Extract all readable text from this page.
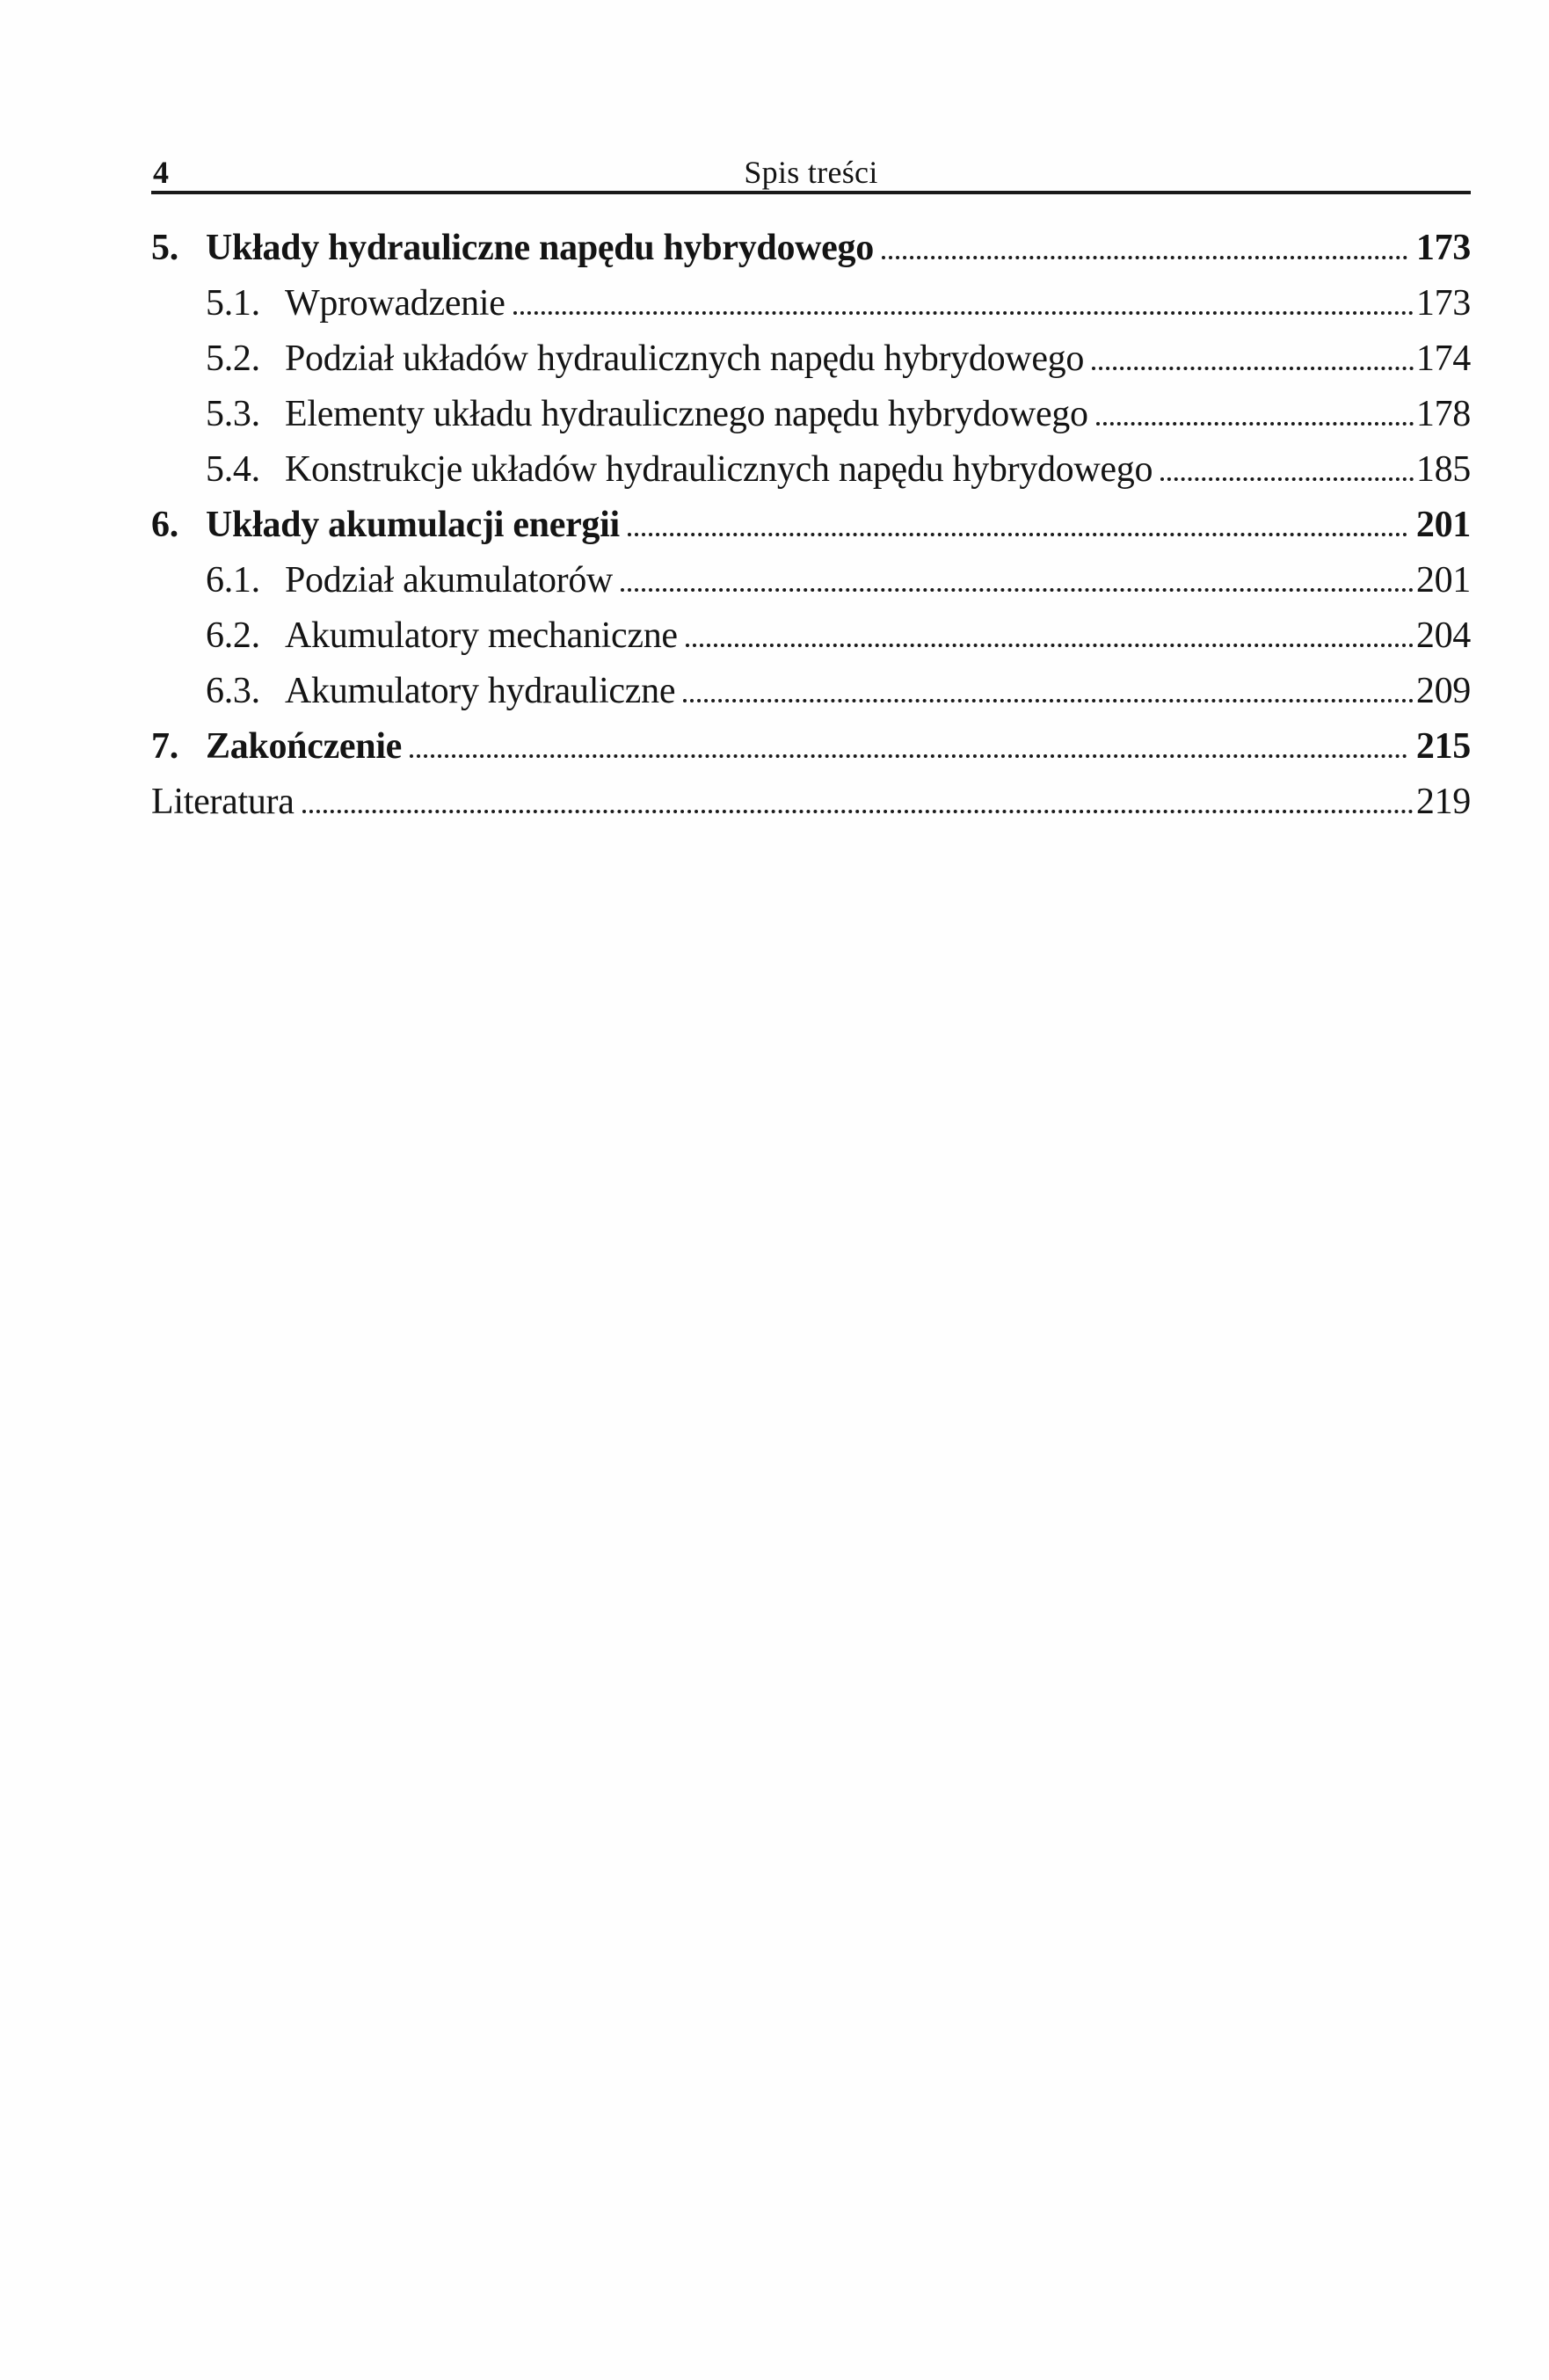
4	Spis treści
5. Układy hydrauliczne napędu hybrydowego	173
5.1. Wprowadzenie	173
5.2. Podział układów hydraulicznych napędu hybrydowego	174
5.3. Elementy układu hydraulicznego napędu hybrydowego	178
5.4. Konstrukcje układów hydraulicznych napędu hybrydowego	185
6. Układy akumulacji energii	201
6.1. Podział akumulatorów	201
6.2. Akumulatory mechaniczne	204
6.3. Akumulatory hydrauliczne	209
7. Zakończenie	215
Literatura	219
